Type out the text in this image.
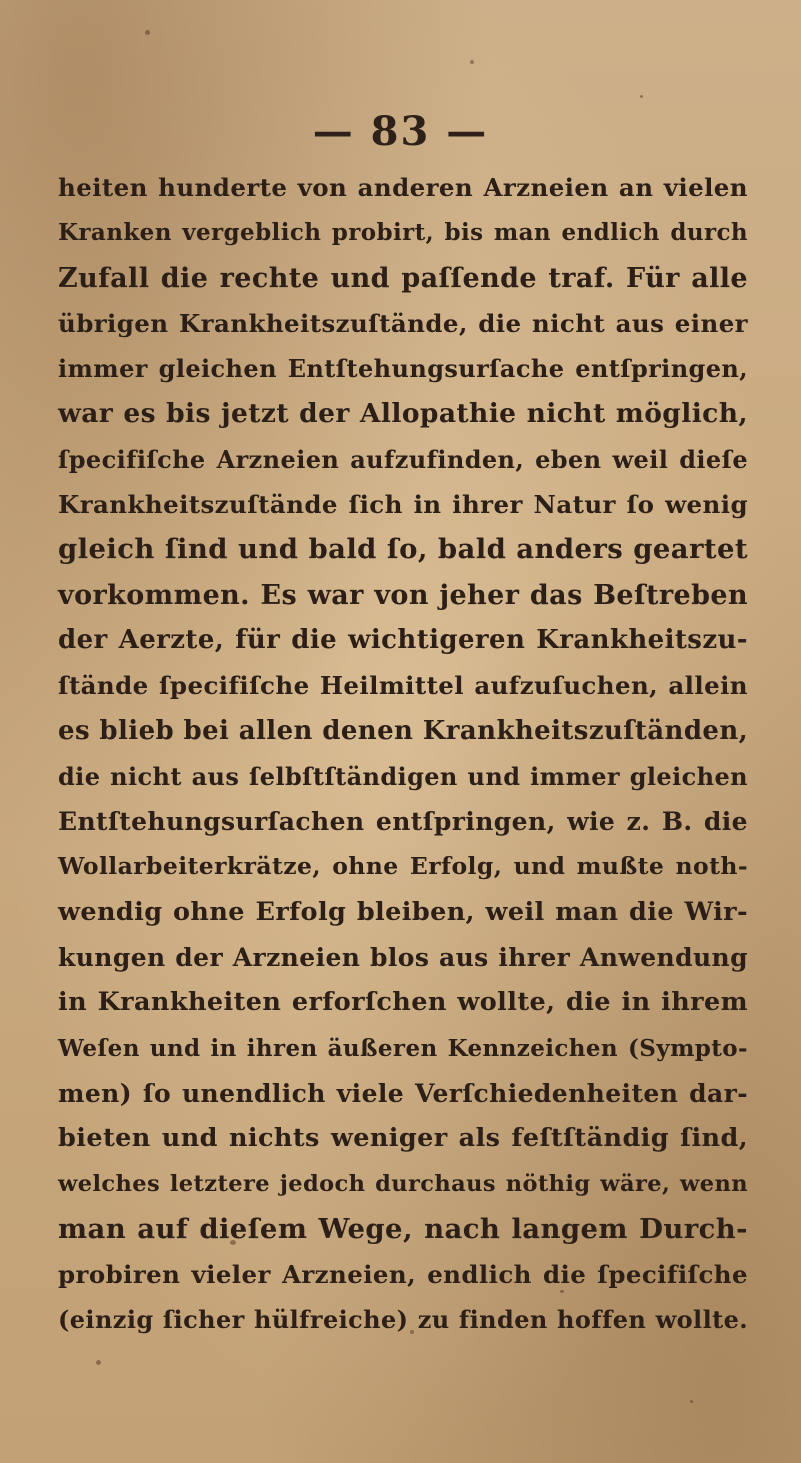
— 83 —
heiten hunderte von anderen Arzneien an vielen
Kranken vergeblich probirt, bis man endlich durch
Zufall die rechte und paſſende traf. Für alle
übrigen Krankheitszuſtände, die nicht aus einer
immer gleichen Entſtehungsurſache entſpringen,
war es bis jetzt der Allopathie nicht möglich,
ſpecifiſche Arzneien aufzufinden, eben weil dieſe
Krankheitszuſtände ſich in ihrer Natur ſo wenig
gleich ſind und bald ſo, bald anders geartet
vorkommen. Es war von jeher das Beſtreben
der Aerzte, für die wichtigeren Krankheitszu-
ſtände ſpecifiſche Heilmittel aufzuſuchen, allein
es blieb bei allen denen Krankheitszuſtänden,
die nicht aus ſelbſtſtändigen und immer gleichen
Entſtehungsurſachen entſpringen, wie z. B. die
Wollarbeiterkrätze, ohne Erfolg, und mußte noth-
wendig ohne Erfolg bleiben, weil man die Wir-
kungen der Arzneien blos aus ihrer Anwendung
in Krankheiten erforſchen wollte, die in ihrem
Weſen und in ihren äußeren Kennzeichen (Sympto-
men) ſo unendlich viele Verſchiedenheiten dar-
bieten und nichts weniger als feſtſtändig ſind,
welches letztere jedoch durchaus nöthig wäre, wenn
man auf dieſem Wege, nach langem Durch-
probiren vieler Arzneien, endlich die ſpecifiſche
(einzig ſicher hülfreiche) zu finden hoffen wollte.
